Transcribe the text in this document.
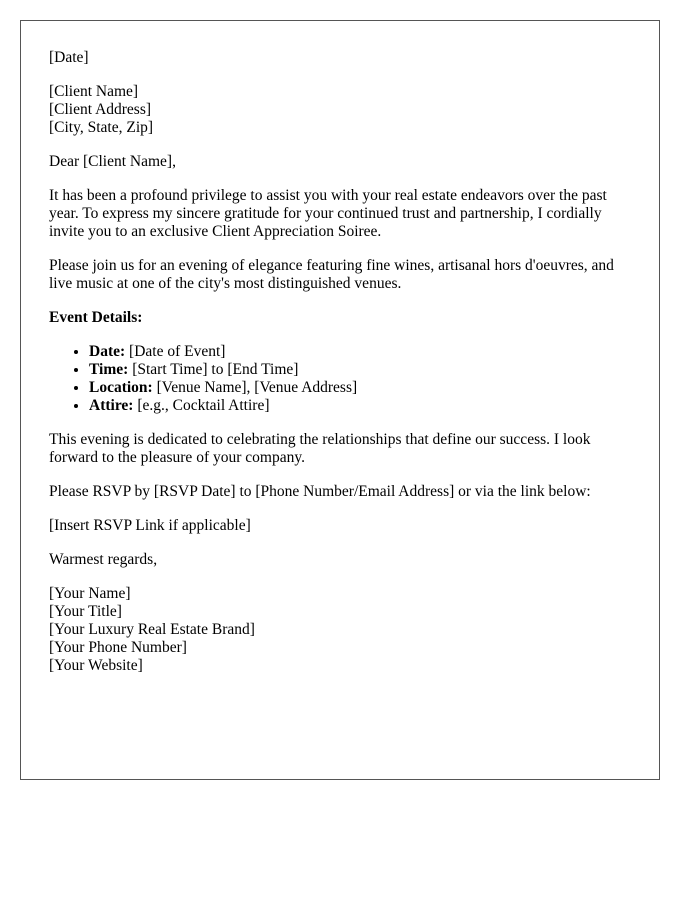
[Date]
[Client Name]
[Client Address]
[City, State, Zip]

Dear [Client Name],

It has been a profound privilege to assist you with your real estate endeavors over the past year. To express my sincere gratitude for your continued trust and partnership, I cordially invite you to an exclusive Client Appreciation Soiree.

Please join us for an evening of elegance featuring fine wines, artisanal hors d'oeuvres, and live music at one of the city's most distinguished venues.

Event Details:

• Date: [Date of Event]
• Time: [Start Time] to [End Time]
• Location: [Venue Name], [Venue Address]
• Attire: [e.g., Cocktail Attire]

This evening is dedicated to celebrating the relationships that define our success. I look forward to the pleasure of your company.

Please RSVP by [RSVP Date] to [Phone Number/Email Address] or via the link below:

[Insert RSVP Link if applicable]

Warmest regards,

[Your Name]
[Your Title]
[Your Luxury Real Estate Brand]
[Your Phone Number]
[Your Website]
